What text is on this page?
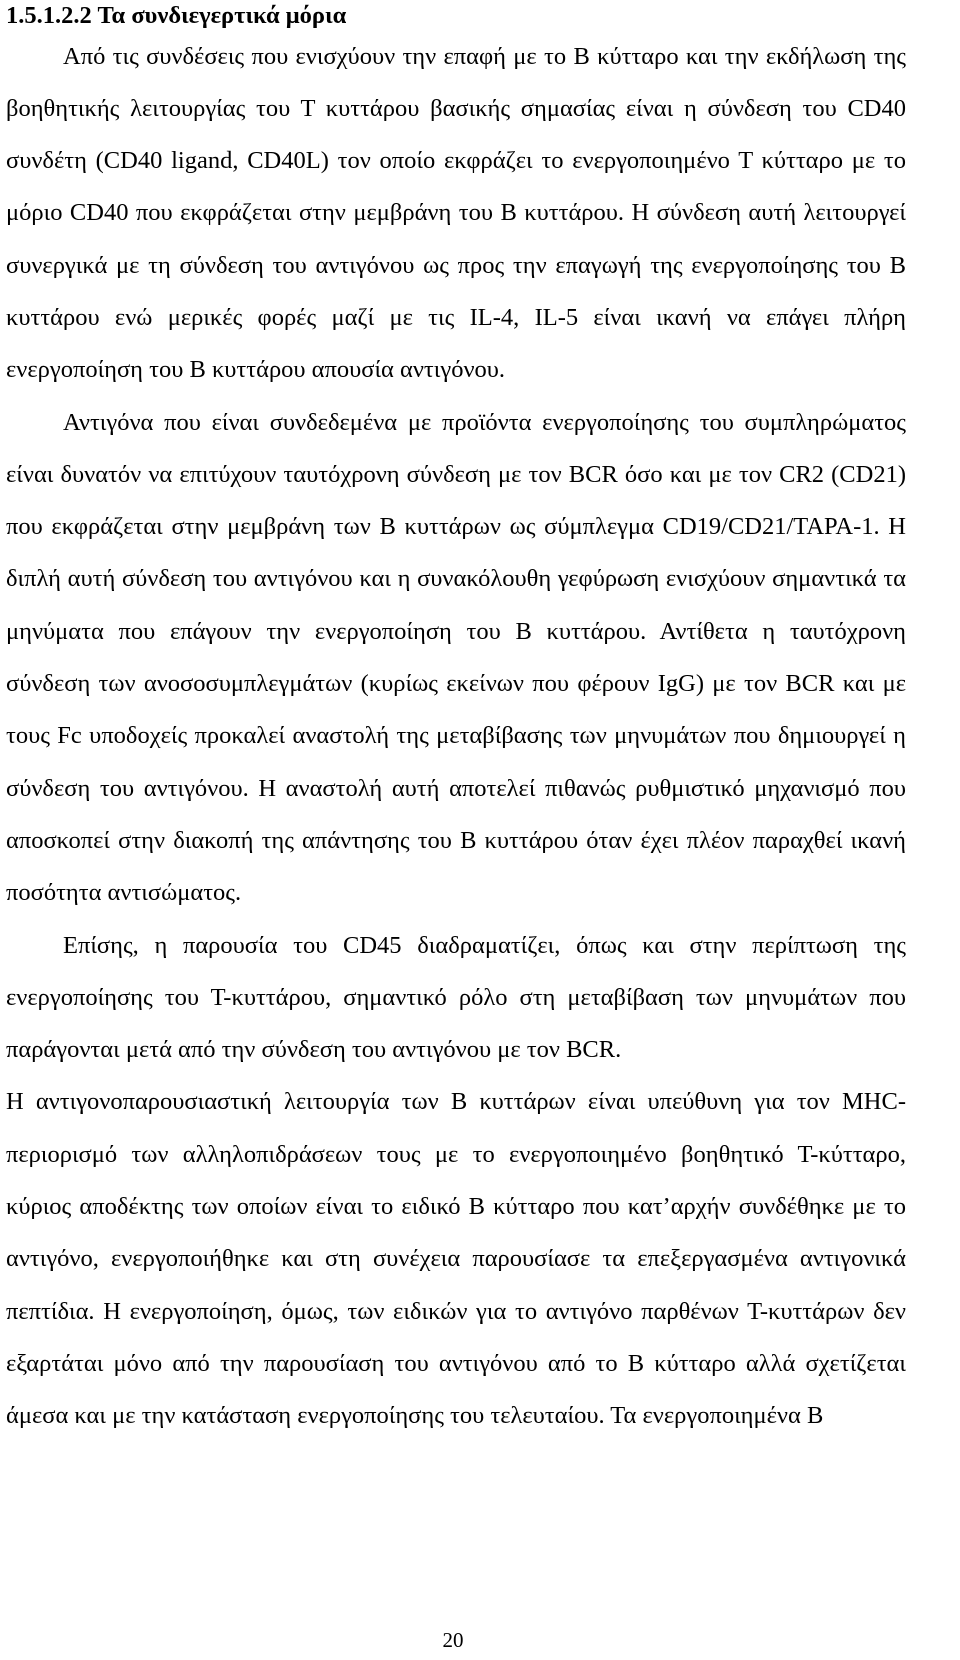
1.5.1.2.2 Τα συνδιεγερτικά μόρια

Από τις συνδέσεις που ενισχύουν την επαφή με το Β κύτταρο και την εκδήλωση της βοηθητικής λειτουργίας του Τ κυττάρου βασικής σημασίας είναι η σύνδεση του CD40 συνδέτη (CD40 ligand, CD40L) τον οποίο εκφράζει το ενεργοποιημένο Τ κύτταρο με το μόριο CD40 που εκφράζεται στην μεμβράνη του Β κυττάρου. Η σύνδεση αυτή λειτουργεί συνεργικά με τη σύνδεση του αντιγόνου ως προς την επαγωγή της ενεργοποίησης του Β κυττάρου ενώ μερικές φορές μαζί με τις IL-4, IL-5 είναι ικανή να επάγει πλήρη ενεργοποίηση του Β κυττάρου απουσία αντιγόνου.

Αντιγόνα που είναι συνδεδεμένα με προϊόντα ενεργοποίησης του συμπληρώματος είναι δυνατόν να επιτύχουν ταυτόχρονη σύνδεση με τον BCR όσο και με τον CR2 (CD21) που εκφράζεται στην μεμβράνη των Β κυττάρων ως σύμπλεγμα CD19/CD21/TAPA-1. Η διπλή αυτή σύνδεση του αντιγόνου και η συνακόλουθη γεφύρωση ενισχύουν σημαντικά τα μηνύματα που επάγουν την ενεργοποίηση του Β κυττάρου. Αντίθετα η ταυτόχρονη σύνδεση των ανοσοσυμπλεγμάτων (κυρίως εκείνων που φέρουν IgG) με τον BCR και με τους Fc υποδοχείς προκαλεί αναστολή της μεταβίβασης των μηνυμάτων που δημιουργεί η σύνδεση του αντιγόνου. Η αναστολή αυτή αποτελεί πιθανώς ρυθμιστικό μηχανισμό που αποσκοπεί στην διακοπή της απάντησης του Β κυττάρου όταν έχει πλέον παραχθεί ικανή ποσότητα αντισώματος.

Επίσης, η παρουσία του CD45 διαδραματίζει, όπως και στην περίπτωση της ενεργοποίησης του Τ-κυττάρου, σημαντικό ρόλο στη μεταβίβαση των μηνυμάτων που παράγονται μετά από την σύνδεση του αντιγόνου με τον BCR.

Η αντιγονοπαρουσιαστική λειτουργία των Β κυττάρων είναι υπεύθυνη για τον MHC-περιορισμό των αλληλοπιδράσεων τους με το ενεργοποιημένο βοηθητικό Τ-κύτταρο, κύριος αποδέκτης των οποίων είναι το ειδικό Β κύτταρο που κατ’αρχήν συνδέθηκε με το αντιγόνο, ενεργοποιήθηκε και στη συνέχεια παρουσίασε τα επεξεργασμένα αντιγονικά πεπτίδια. Η ενεργοποίηση, όμως, των ειδικών για το αντιγόνο παρθένων Τ-κυττάρων δεν εξαρτάται μόνο από την παρουσίαση του αντιγόνου από το Β κύτταρο αλλά σχετίζεται άμεσα και με την κατάσταση ενεργοποίησης του τελευταίου. Τα ενεργοποιημένα Β

20
